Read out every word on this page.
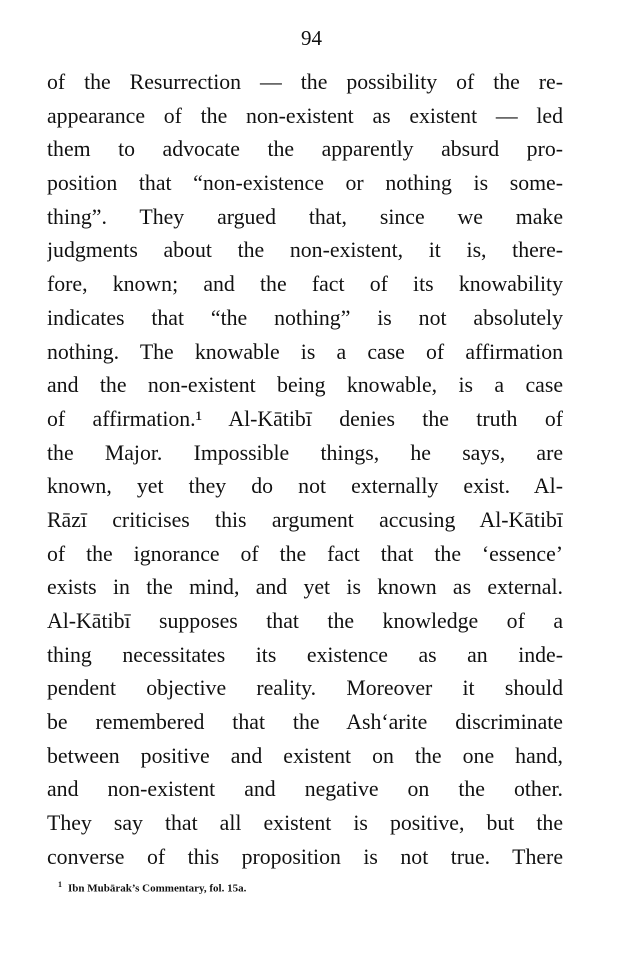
94
of the Resurrection — the possibility of the re-
appearance of the non-existent as existent — led
them to advocate the apparently absurd pro-
position that “non-existence or nothing is some-
thing”. They argued that, since we make
judgments about the non-existent, it is, there-
fore, known; and the fact of its knowability
indicates that “the nothing” is not absolutely
nothing. The knowable is a case of affirmation
and the non-existent being knowable, is a case
of affirmation.¹ Al-Kātibī denies the truth of
the Major. Impossible things, he says, are
known, yet they do not externally exist. Al-
Rāzī criticises this argument accusing Al-Kātibī
of the ignorance of the fact that the ‘essence’
exists in the mind, and yet is known as external.
Al-Kātibī supposes that the knowledge of a
thing necessitates its existence as an inde-
pendent objective reality. Moreover it should
be remembered that the Ash‘arite discriminate
between positive and existent on the one hand,
and non-existent and negative on the other.
They say that all existent is positive, but the
converse of this proposition is not true. There
$^1$ Ibn Mubārak’s Commentary, fol. 15a.
